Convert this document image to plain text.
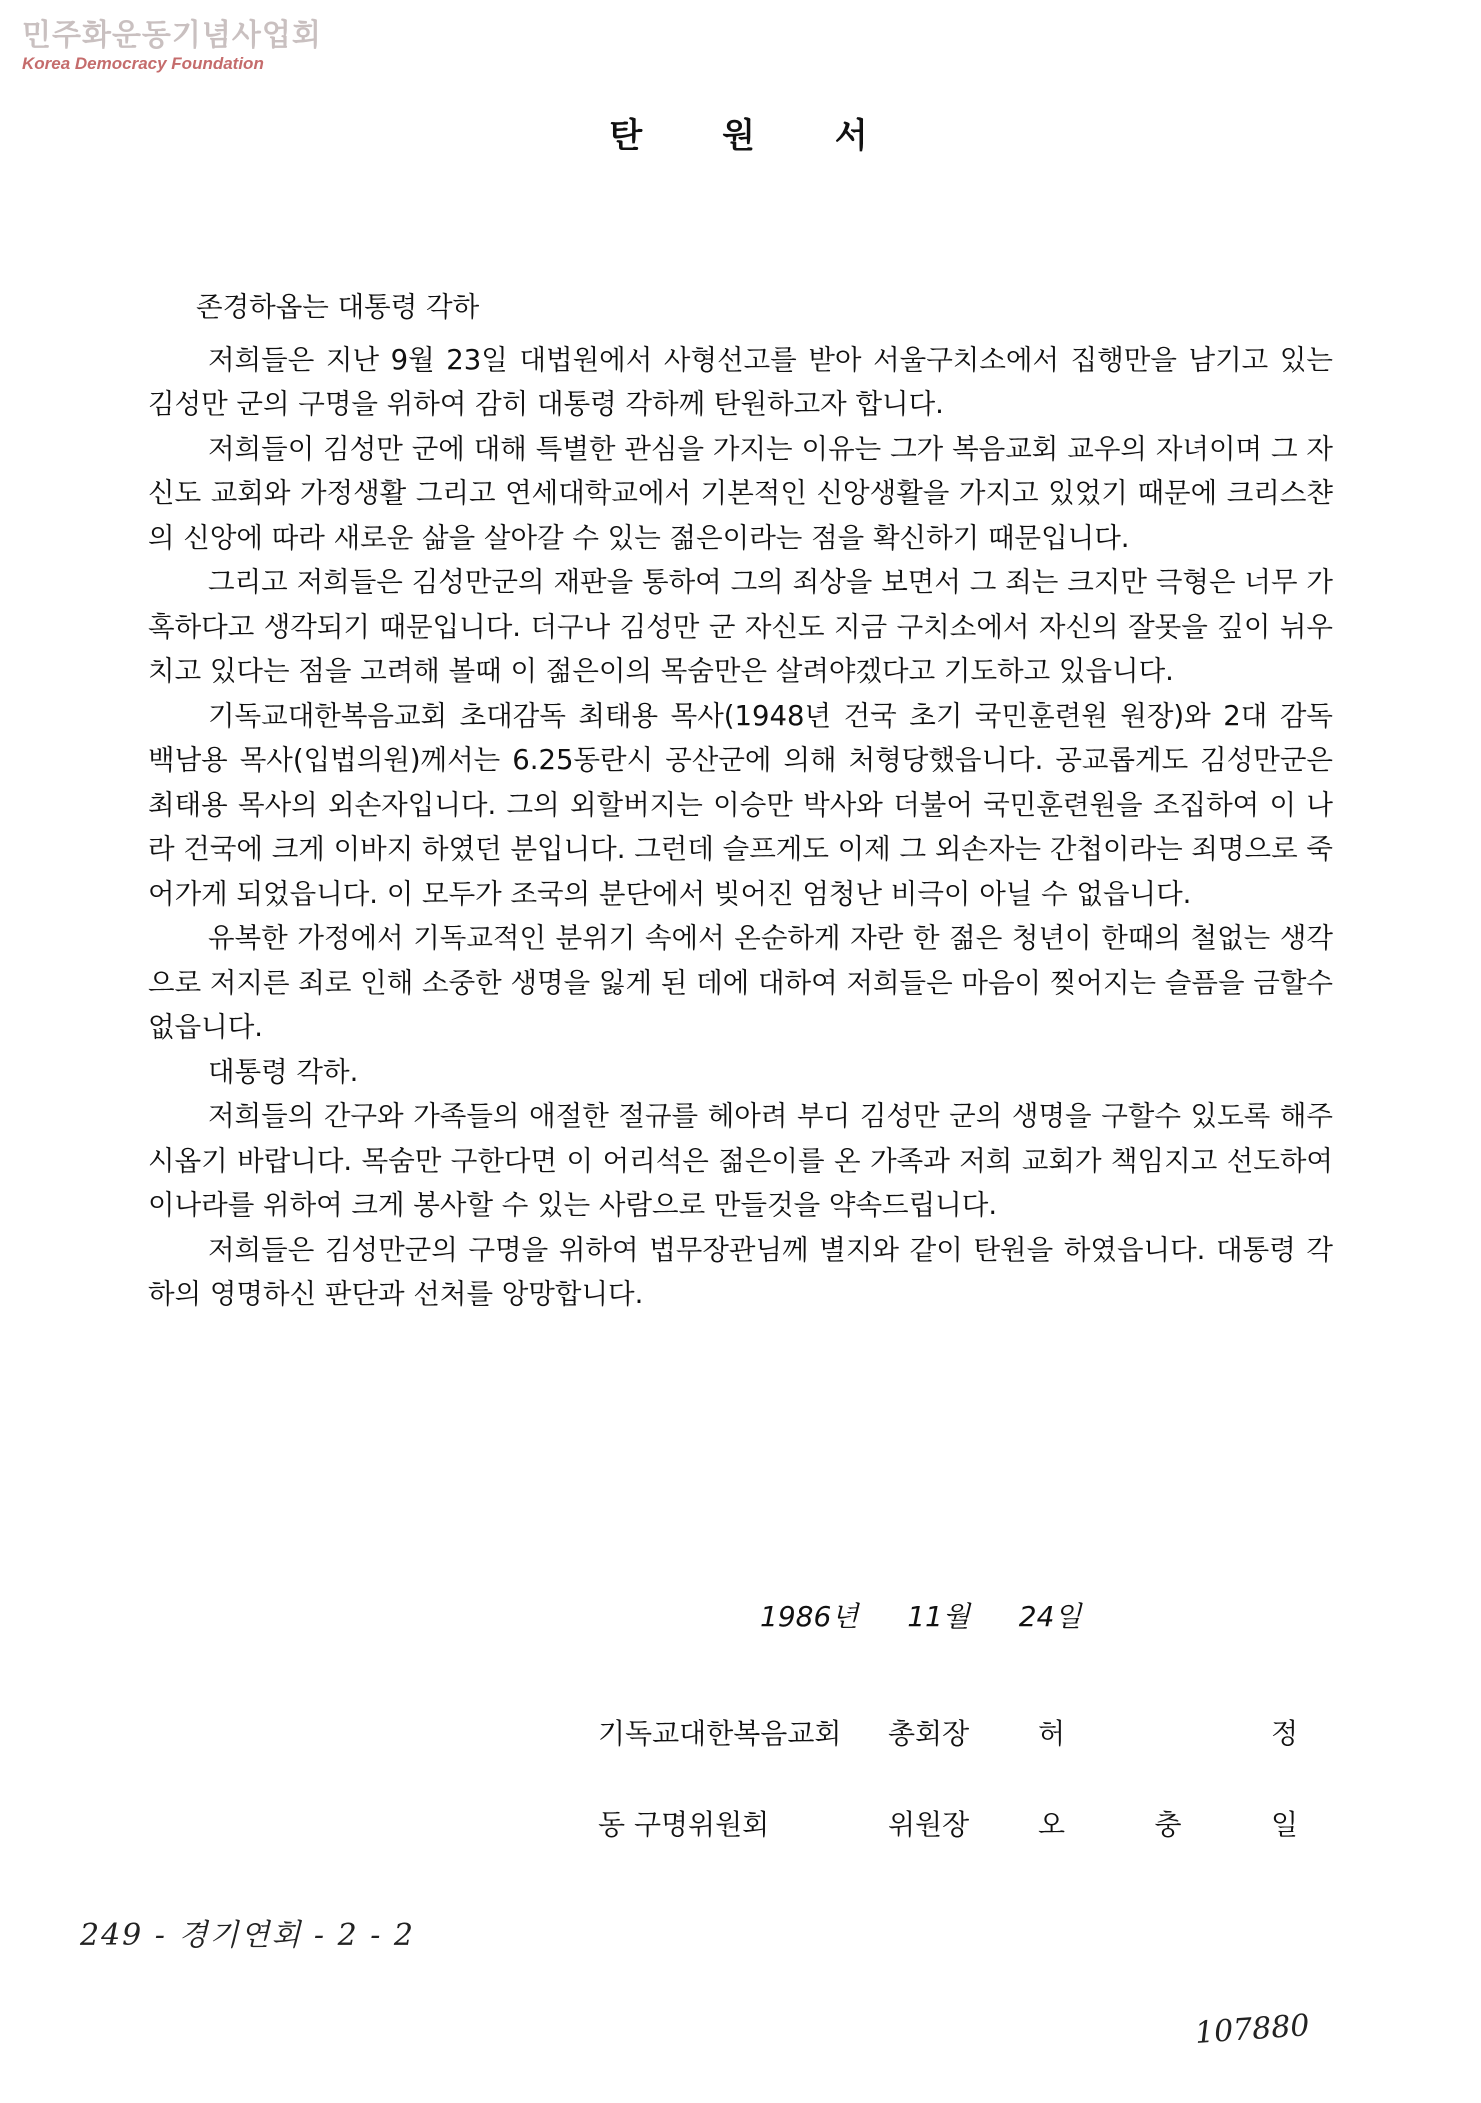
민주화운동기념사업회
Korea Democracy Foundation
탄 원 서

존경하옵는 대통령 각하

저희들은 지난 9월 23일 대법원에서 사형선고를 받아 서울구치소에서 집행만을 남기고 있는 김성만 군의 구명을 위하여 감히 대통령 각하께 탄원하고자 합니다.

저희들이 김성만 군에 대해 특별한 관심을 가지는 이유는 그가 복음교회 교우의 자녀이며 그 자신도 교회와 가정생활 그리고 연세대학교에서 기본적인 신앙생활을 가지고 있었기 때문에 크리스챤의 신앙에 따라 새로운 삶을 살아갈 수 있는 젊은이라는 점을 확신하기 때문입니다.

그리고 저희들은 김성만군의 재판을 통하여 그의 죄상을 보면서 그 죄는 크지만 극형은 너무 가혹하다고 생각되기 때문입니다. 더구나 김성만 군 자신도 지금 구치소에서 자신의 잘못을 깊이 뉘우치고 있다는 점을 고려해 볼때 이 젊은이의 목숨만은 살려야겠다고 기도하고 있읍니다.

기독교대한복음교회 초대감독 최태용 목사(1948년 건국 초기 국민훈련원 원장)와 2대 감독 백남용 목사(입법의원)께서는 6.25동란시 공산군에 의해 처형당했읍니다. 공교롭게도 김성만군은 최태용 목사의 외손자입니다. 그의 외할버지는 이승만 박사와 더불어 국민훈련원을 조집하여 이 나라 건국에 크게 이바지 하였던 분입니다. 그런데 슬프게도 이제 그 외손자는 간첩이라는 죄명으로 죽어가게 되었읍니다. 이 모두가 조국의 분단에서 빚어진 엄청난 비극이 아닐 수 없읍니다.

유복한 가정에서 기독교적인 분위기 속에서 온순하게 자란 한 젊은 청년이 한때의 철없는 생각으로 저지른 죄로 인해 소중한 생명을 잃게 된 데에 대하여 저희들은 마음이 찢어지는 슬픔을 금할수 없읍니다.

대통령 각하.

저희들의 간구와 가족들의 애절한 절규를 헤아려 부디 김성만 군의 생명을 구할수 있도록 해주시옵기 바랍니다. 목숨만 구한다면 이 어리석은 젊은이를 온 가족과 저희 교회가 책임지고 선도하여 이나라를 위하여 크게 봉사할 수 있는 사람으로 만들것을 약속드립니다.

저희들은 김성만군의 구명을 위하여 법무장관님께 별지와 같이 탄원을 하였읍니다. 대통령 각하의 영명하신 판단과 선처를 앙망합니다.

1986년 11월 24일
기독교대한복음교회	총회장	허	정
동 구명위원회	위원장	오	충	일
249 - 경기연회 - 2 - 2
107880
